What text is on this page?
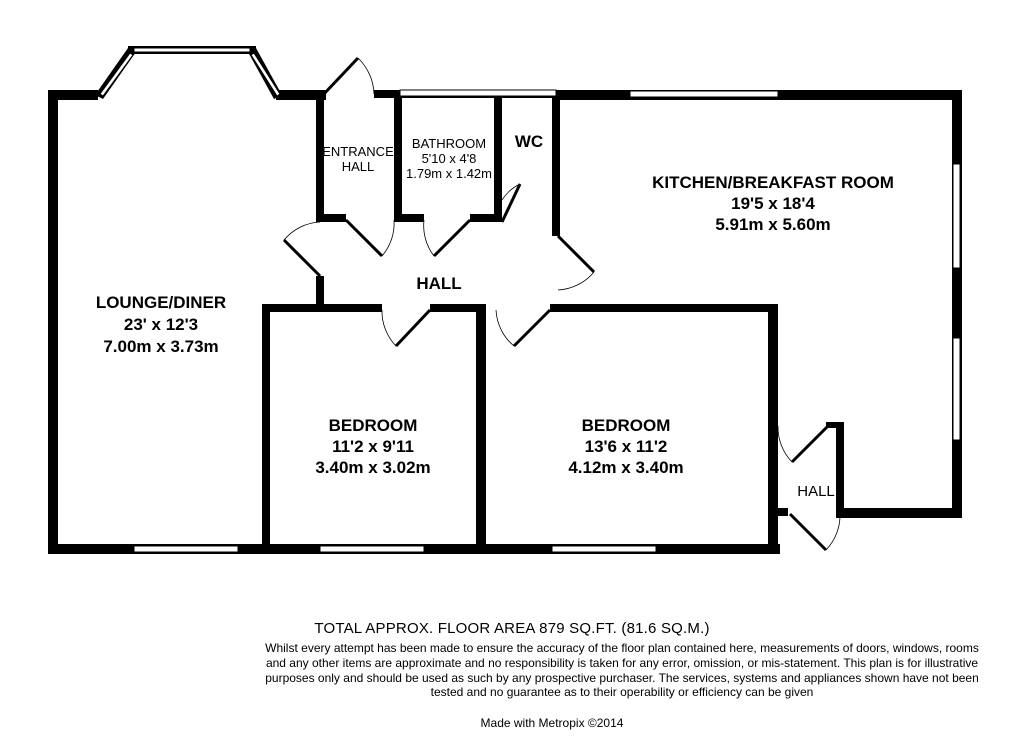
LOUNGE/DINER
23' x 12'3
7.00m x 3.73m
ENTRANCE
HALL
BATHROOM
5'10 x 4'8
1.79m x 1.42m
WC
KITCHEN/BREAKFAST ROOM
19'5 x 18'4
5.91m x 5.60m
HALL
BEDROOM
11'2 x 9'11
3.40m x 3.02m
BEDROOM
13'6 x 11'2
4.12m x 3.40m
HALL
TOTAL APPROX. FLOOR AREA 879 SQ.FT. (81.6 SQ.M.)
Whilst every attempt has been made to ensure the accuracy of the floor plan contained here, measurements of doors, windows, rooms and any other items are approximate and no responsibility is taken for any error, omission, or mis-statement. This plan is for illustrative purposes only and should be used as such by any prospective purchaser. The services, systems and appliances shown have not been tested and no guarantee as to their operability or efficiency can be given
Made with Metropix ©2014
